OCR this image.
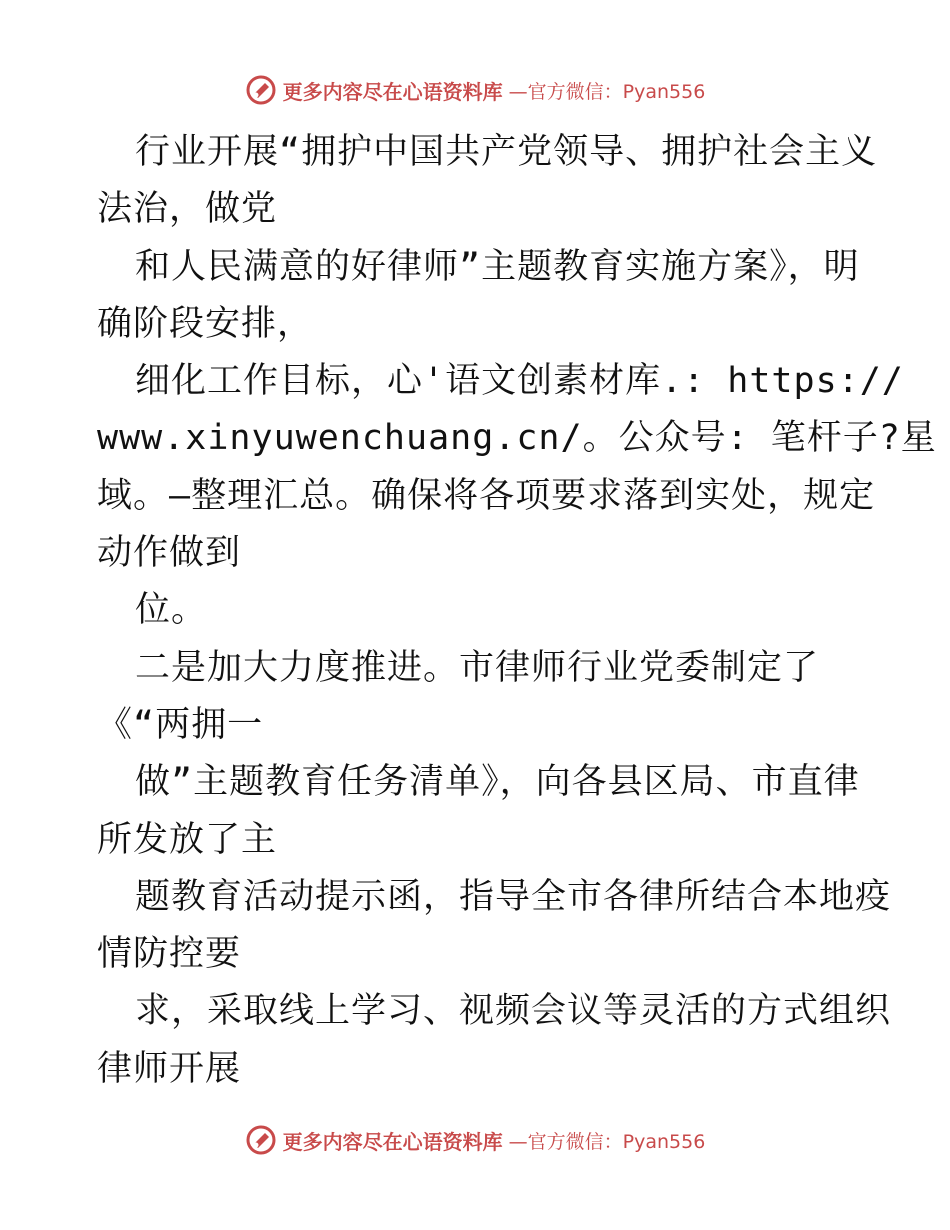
更多内容尽在心语资料库 —官方微信：Pyan556
行业开展“拥护中国共产党领导、拥护社会主义
法治，做党
和人民满意的好律师”主题教育实施方案》，明
确阶段安排，
细化工作目标，心'语文创素材库.: https://
www.xinyuwenchuang.cn/。公众号: 笔杆子?星
域。—整理汇总。确保将各项要求落到实处，规定
动作做到
位。
二是加大力度推进。市律师行业党委制定了
《“两拥一
做”主题教育任务清单》，向各县区局、市直律
所发放了主
题教育活动提示函，指导全市各律所结合本地疫
情防控要
求，采取线上学习、视频会议等灵活的方式组织
律师开展
更多内容尽在心语资料库 —官方微信：Pyan556
